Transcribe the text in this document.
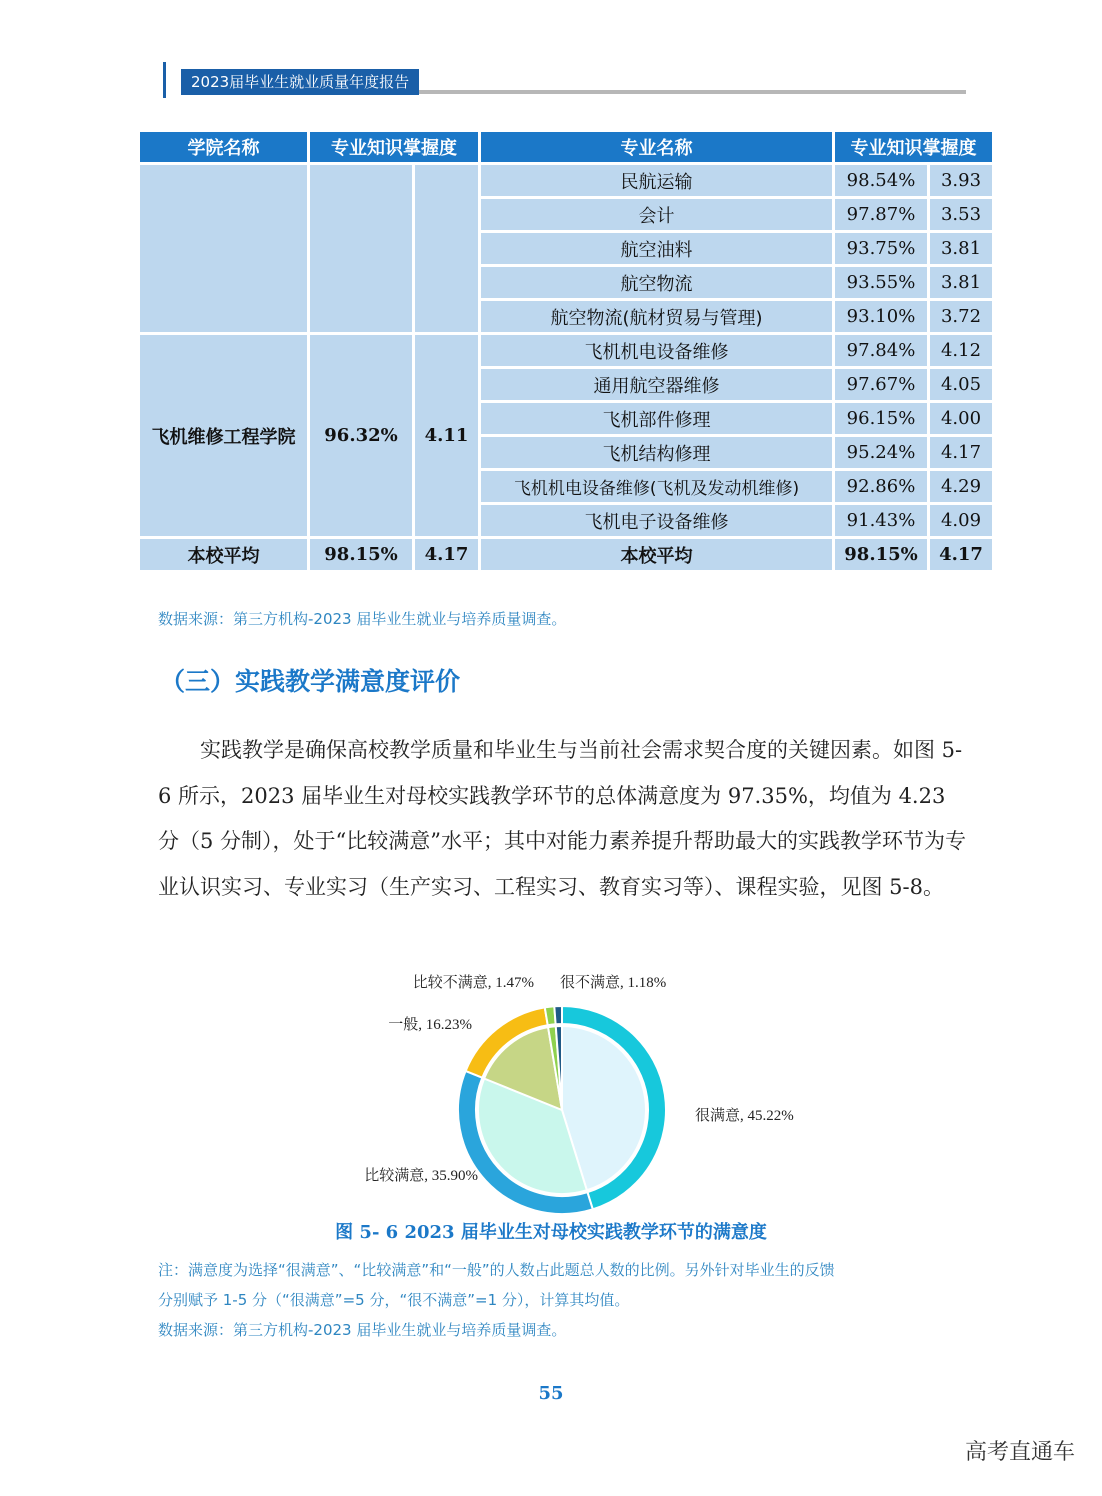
2023届毕业生就业质量年度报告
学院名称	专业知识掌握度		专业名称	专业知识掌握度	
			民航运输	98.54%	3.93
			会计	97.87%	3.53
			航空油料	93.75%	3.81
			航空物流	93.55%	3.81
			航空物流(航材贸易与管理)	93.10%	3.72
飞机维修工程学院	96.32%	4.11	飞机机电设备维修	97.84%	4.12
			通用航空器维修	97.67%	4.05
			飞机部件修理	96.15%	4.00
			飞机结构修理	95.24%	4.17
			飞机机电设备维修(飞机及发动机维修)	92.86%	4.29
			飞机电子设备维修	91.43%	4.09
本校平均	98.15%	4.17	本校平均	98.15%	4.17
数据来源：第三方机构-2023 届毕业生就业与培养质量调查。
（三）实践教学满意度评价
实践教学是确保高校教学质量和毕业生与当前社会需求契合度的关键因素。如图 5-6 所示，2023 届毕业生对母校实践教学环节的总体满意度为 97.35%，均值为 4.23 分（5 分制），处于“比较满意”水平；其中对能力素养提升帮助最大的实践教学环节为专业认识实习、专业实习（生产实习、工程实习、教育实习等）、课程实验，见图 5-8。
很满意, 45.22%
比较满意, 35.90%
一般, 16.23%
比较不满意, 1.47% 很不满意, 1.18%
图 5- 6 2023 届毕业生对母校实践教学环节的满意度
注：满意度为选择“很满意”、“比较满意”和“一般”的人数占此题总人数的比例。另外针对毕业生的反馈
分别赋予 1-5 分（“很满意”=5 分，“很不满意”=1 分），计算其均值。
数据来源：第三方机构-2023 届毕业生就业与培养质量调查。
55
高考直通车
